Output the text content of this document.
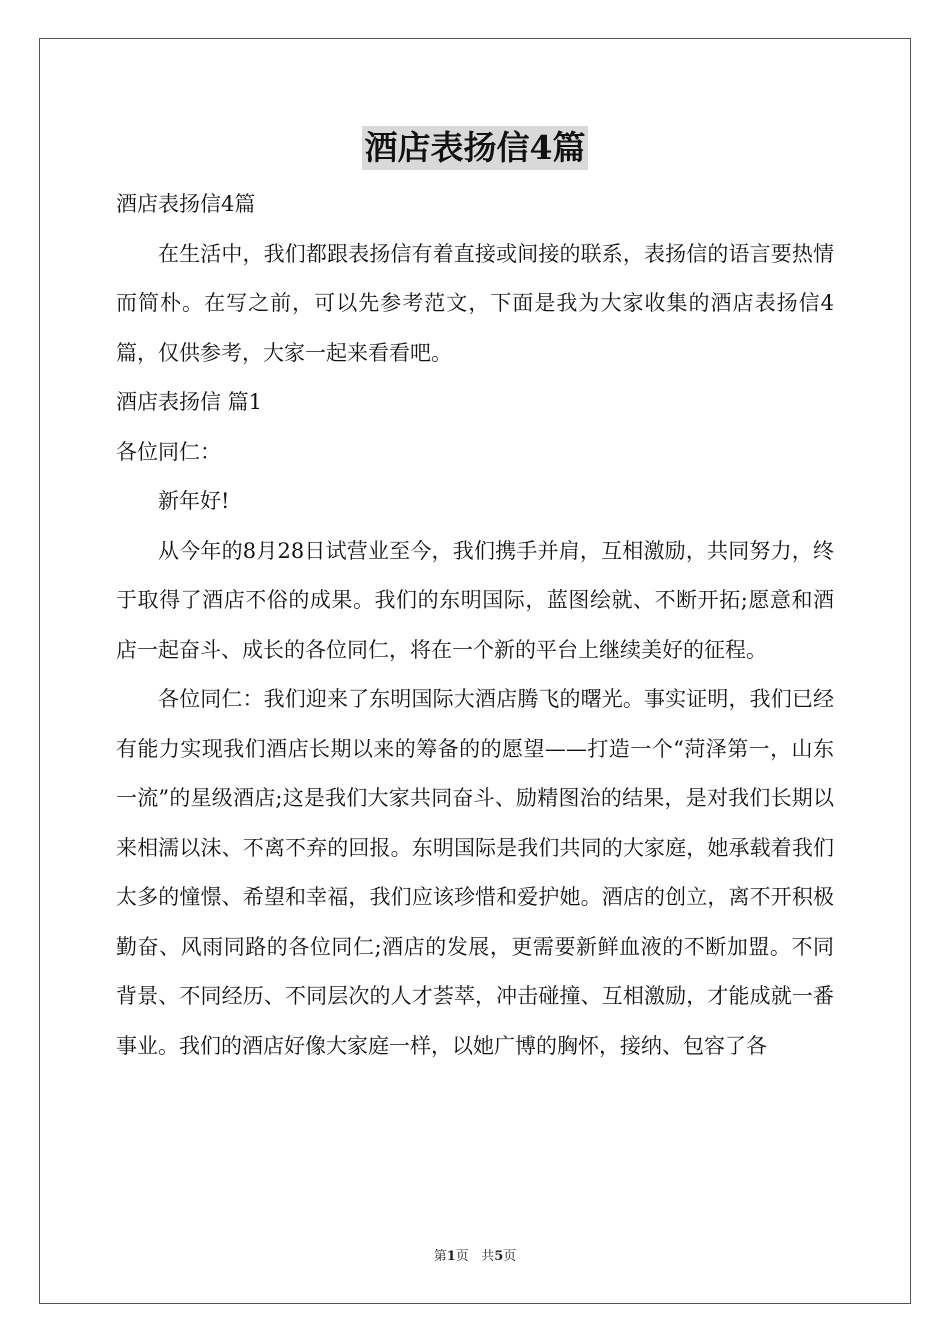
酒店表扬信4篇

酒店表扬信4篇

在生活中，我们都跟表扬信有着直接或间接的联系，表扬信的语言要热情而简朴。在写之前，可以先参考范文，下面是我为大家收集的酒店表扬信4篇，仅供参考，大家一起来看看吧。

酒店表扬信 篇1

各位同仁：

新年好!

从今年的8月28日试营业至今，我们携手并肩，互相激励，共同努力，终于取得了酒店不俗的成果。我们的东明国际，蓝图绘就、不断开拓;愿意和酒店一起奋斗、成长的各位同仁，将在一个新的平台上继续美好的征程。

各位同仁：我们迎来了东明国际大酒店腾飞的曙光。事实证明，我们已经有能力实现我们酒店长期以来的筹备的的愿望——打造一个“菏泽第一，山东一流”的星级酒店;这是我们大家共同奋斗、励精图治的结果，是对我们长期以来相濡以沫、不离不弃的回报。东明国际是我们共同的大家庭，她承载着我们太多的憧憬、希望和幸福，我们应该珍惜和爱护她。酒店的创立，离不开积极勤奋、风雨同路的各位同仁;酒店的发展，更需要新鲜血液的不断加盟。不同背景、不同经历、不同层次的人才荟萃，冲击碰撞、互相激励，才能成就一番事业。我们的酒店好像大家庭一样，以她广博的胸怀，接纳、包容了各

第1页   共5页
